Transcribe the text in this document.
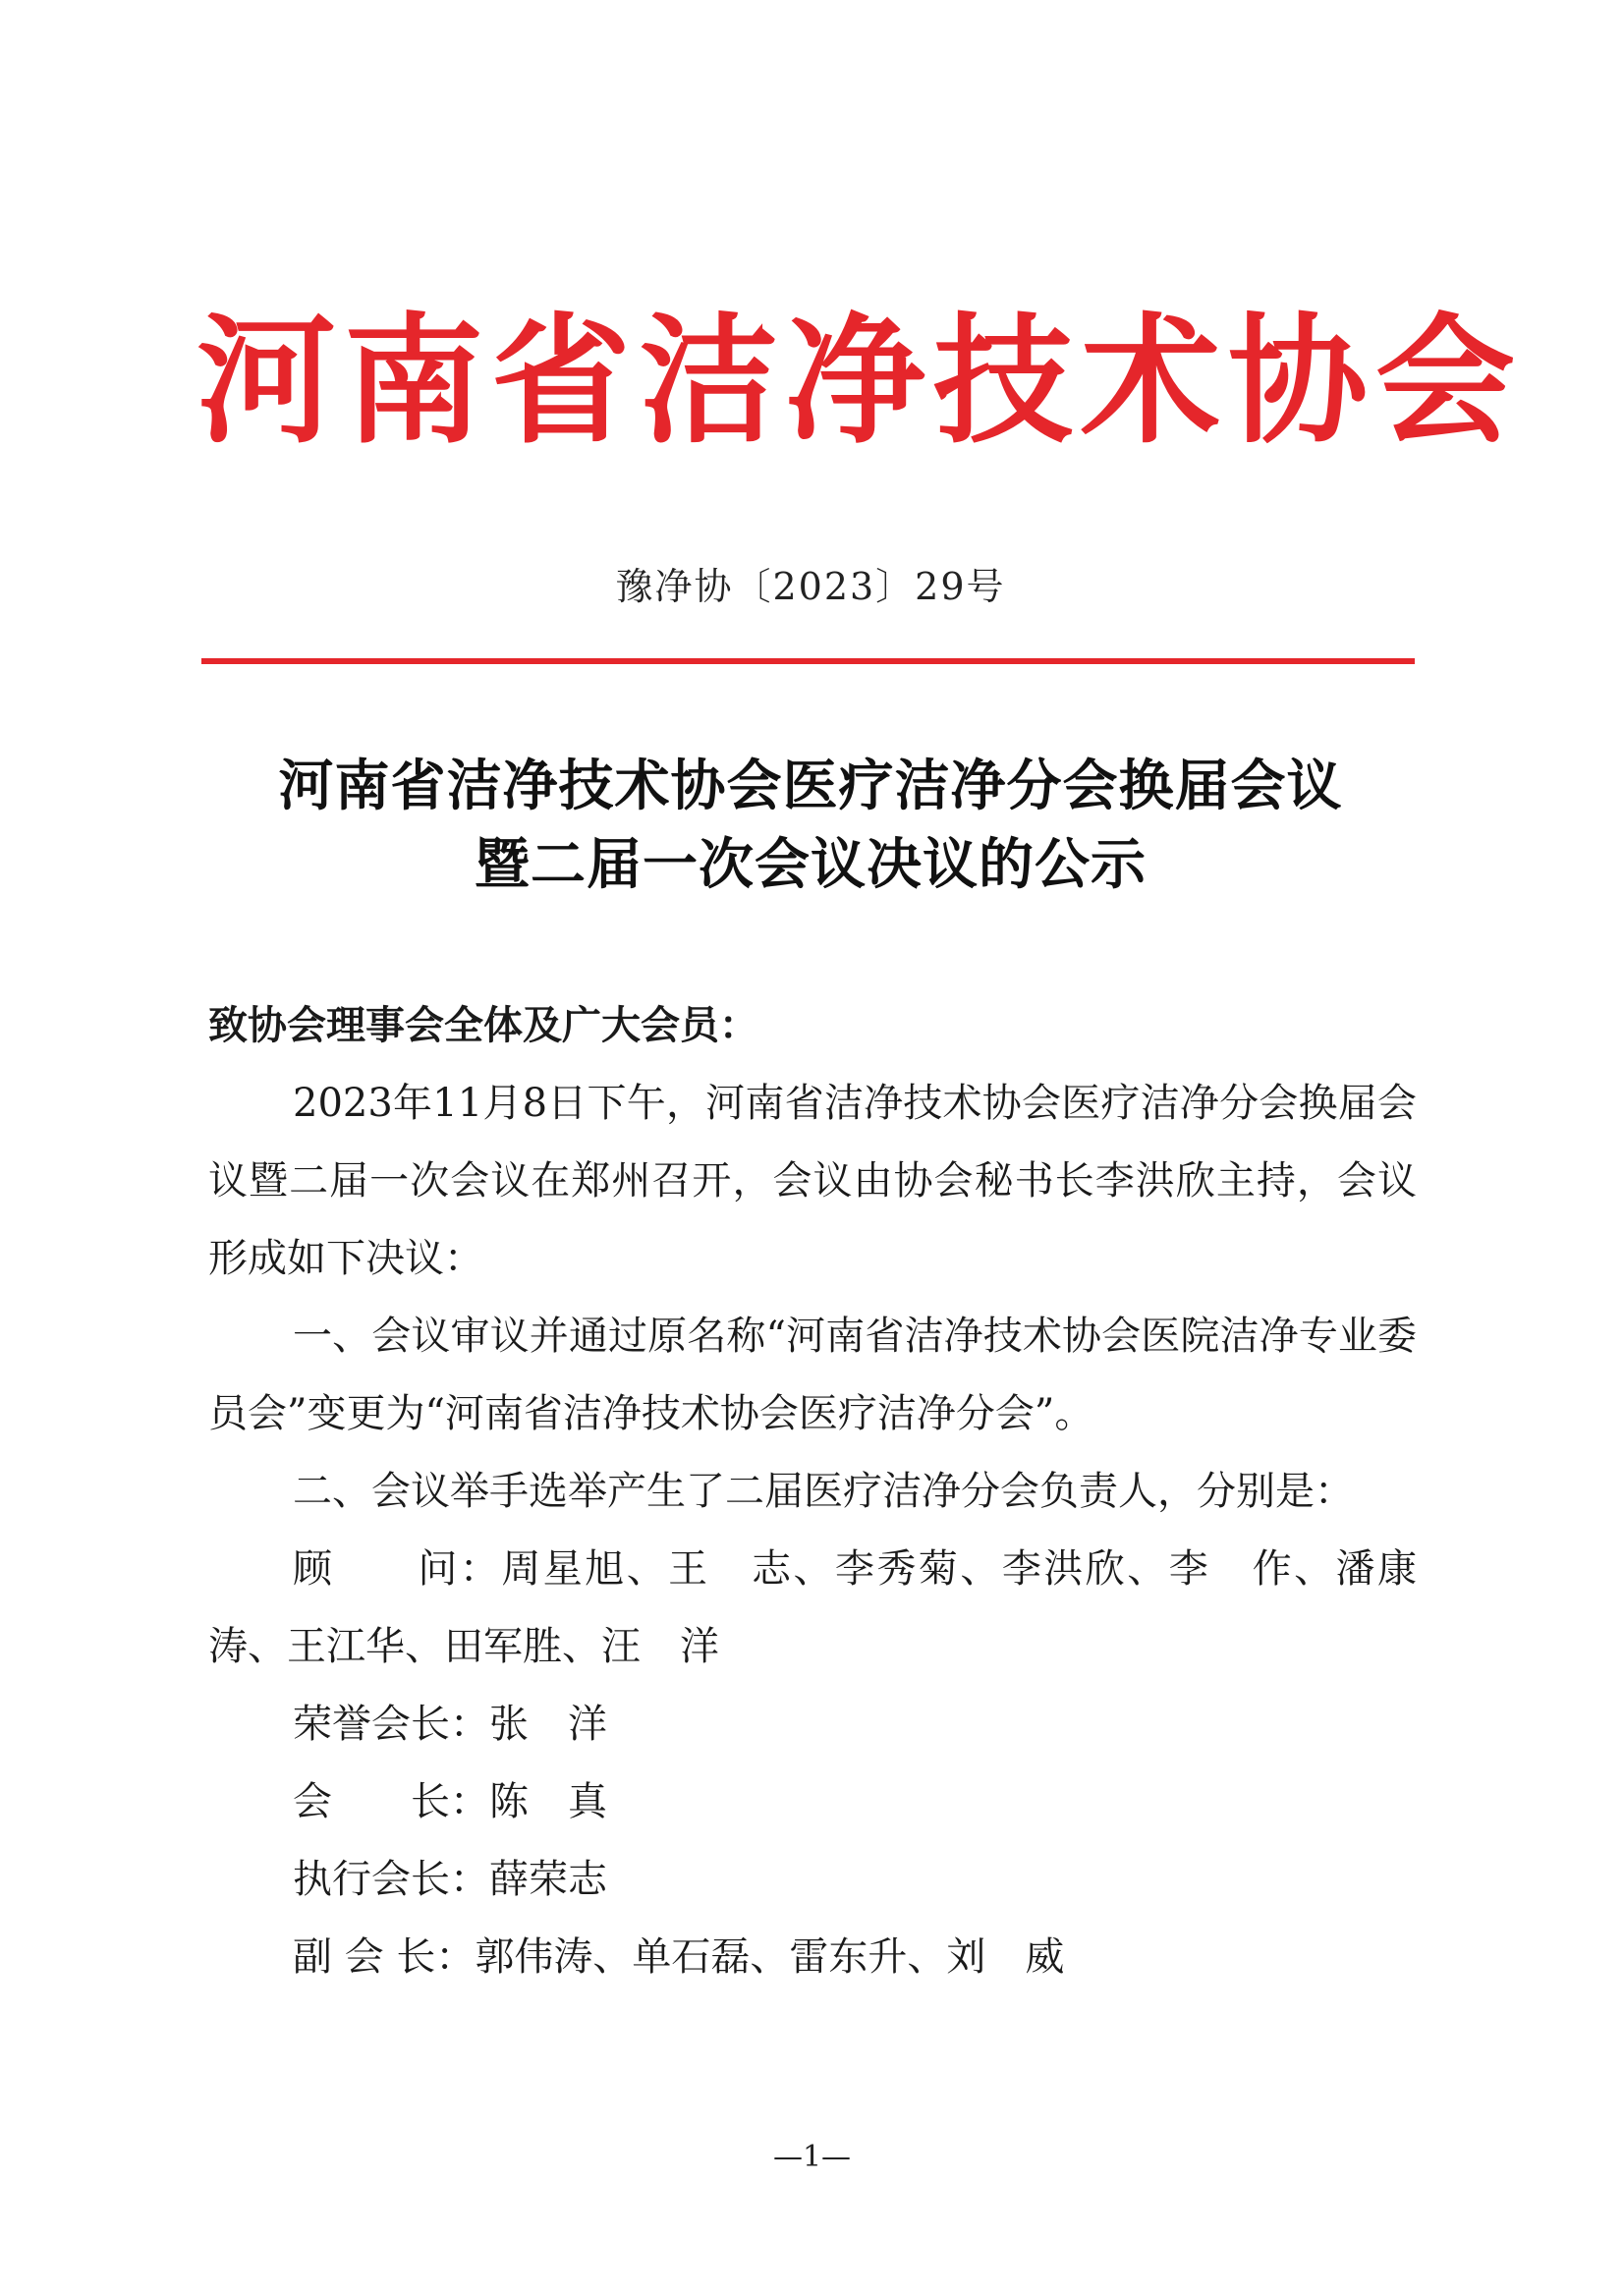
河南省洁净技术协会
豫净协〔2023〕29号
河南省洁净技术协会医疗洁净分会换届会议
暨二届一次会议决议的公示

致协会理事会全体及广大会员：

2023年11月8日下午，河南省洁净技术协会医疗洁净分会换届会议暨二届一次会议在郑州召开，会议由协会秘书长李洪欣主持，会议形成如下决议：

一、会议审议并通过原名称“河南省洁净技术协会医院洁净专业委员会”变更为“河南省洁净技术协会医疗洁净分会”。

二、会议举手选举产生了二届医疗洁净分会负责人，分别是：

顾　　问：周星旭、王　志、李秀菊、李洪欣、李　作、潘康涛、王江华、田军胜、汪　洋

荣誉会长：张　洋

会　　长：陈　真

执行会长：薛荣志

副 会 长：郭伟涛、单石磊、雷东升、刘　威

—1—
